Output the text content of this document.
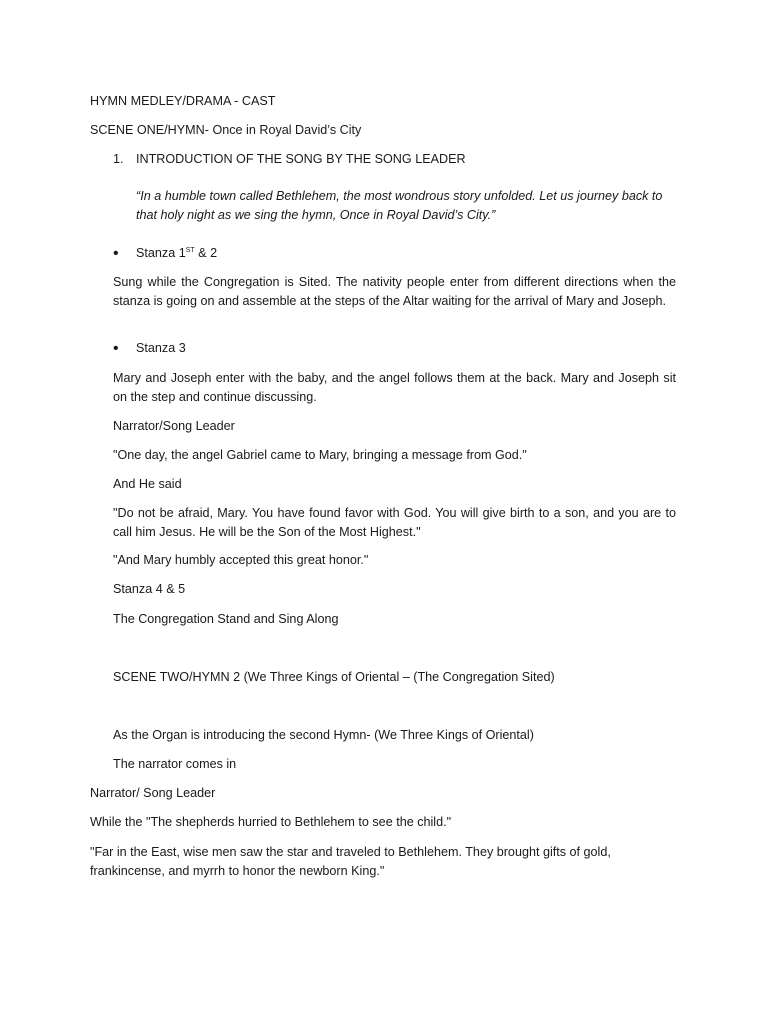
HYMN MEDLEY/DRAMA - CAST
SCENE ONE/HYMN- Once in Royal David’s City
1. INTRODUCTION OF THE SONG BY THE SONG LEADER
“In a humble town called Bethlehem, the most wondrous story unfolded. Let us journey back to that holy night as we sing the hymn, Once in Royal David’s City.”
• Stanza 1ST & 2
Sung while the Congregation is Sited. The nativity people enter from different directions when the stanza is going on and assemble at the steps of the Altar waiting for the arrival of Mary and Joseph.
• Stanza 3
Mary and Joseph enter with the baby, and the angel follows them at the back. Mary and Joseph sit on the step and continue discussing.
Narrator/Song Leader
"One day, the angel Gabriel came to Mary, bringing a message from God."
And He said
"Do not be afraid, Mary. You have found favor with God. You will give birth to a son, and you are to call him Jesus. He will be the Son of the Most Highest."
"And Mary humbly accepted this great honor."
Stanza 4 & 5
The Congregation Stand and Sing Along
SCENE TWO/HYMN 2 (We Three Kings of Oriental – (The Congregation Sited)
As the Organ is introducing the second Hymn- (We Three Kings of Oriental)
The narrator comes in
Narrator/ Song Leader
While the "The shepherds hurried to Bethlehem to see the child."
"Far in the East, wise men saw the star and traveled to Bethlehem. They brought gifts of gold, frankincense, and myrrh to honor the newborn King."
